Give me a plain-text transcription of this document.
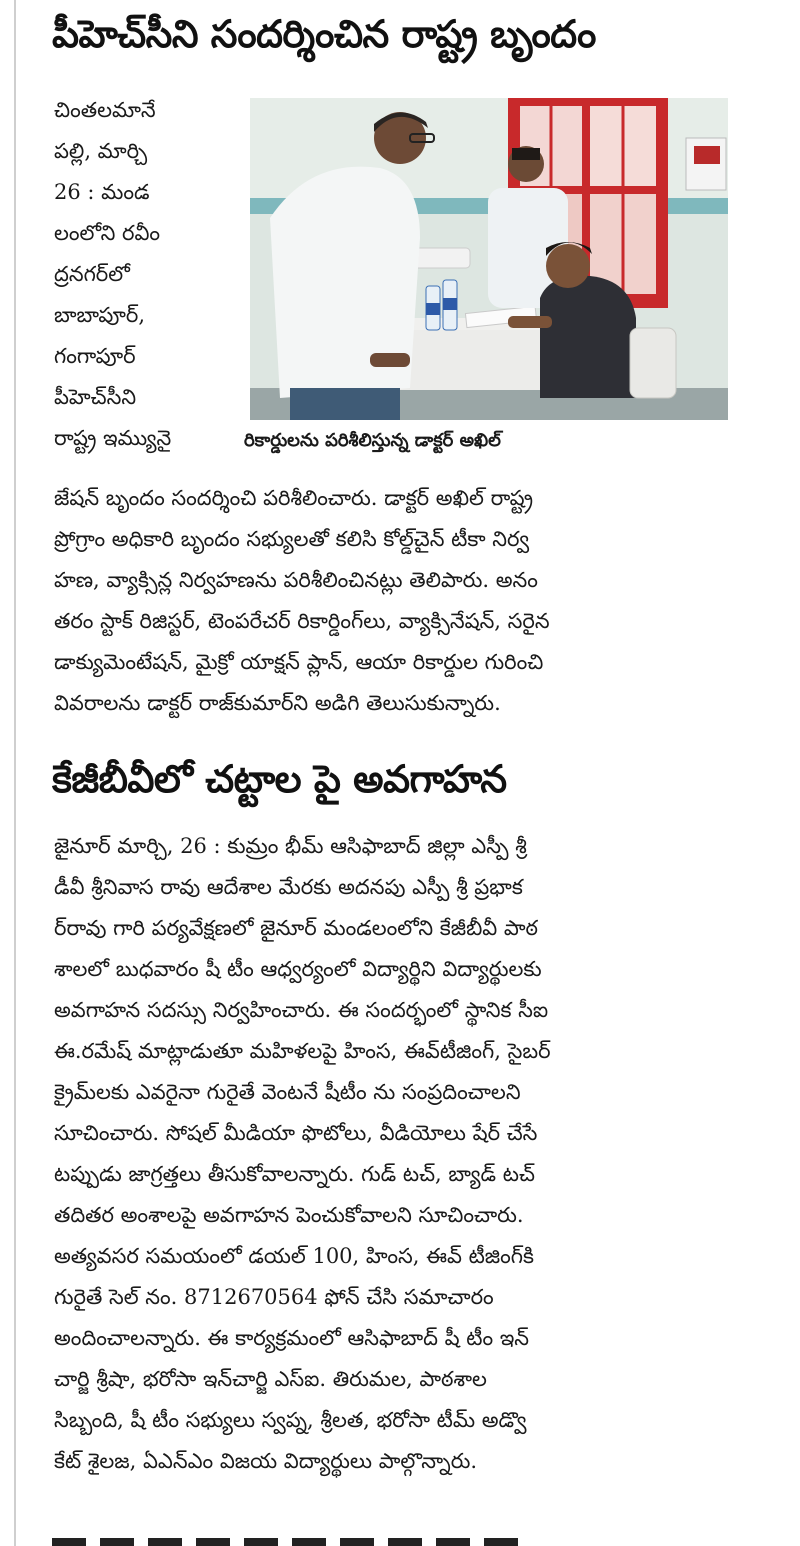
పీహెచ్‌సీని సందర్శించిన రాష్ట్ర బృందం

చింతలమానే
పల్లి, మార్చి
26 : మండ
లంలోని రవీం
ద్రనగర్‌లో
బాబాపూర్,
గంగాపూర్
పీహెచ్‌సీని
రాష్ట్ర ఇమ్యునై	రికార్డులను పరిశీలిస్తున్న డాక్టర్ అఖిల్

జేషన్ బృందం సందర్శించి పరిశీలించారు. డాక్టర్ అఖిల్ రాష్ట్ర
ప్రోగ్రాం అధికారి బృందం సభ్యులతో కలిసి కోల్డ్‌చైన్ టీకా నిర్వ
హణ, వ్యాక్సిన్ల నిర్వహణను పరిశీలించినట్లు తెలిపారు. అనం
తరం స్టాక్ రిజిస్టర్, టెంపరేచర్ రికార్డింగ్‌లు, వ్యాక్సినేషన్, సరైన
డాక్యుమెంటేషన్, మైక్రో యాక్షన్ ప్లాన్, ఆయా రికార్డుల గురించి
వివరాలను డాక్టర్ రాజ్‌కుమార్‌ని అడిగి తెలుసుకున్నారు.

కేజీబీవీలో చట్టాల పై అవగాహన

జైనూర్ మార్చి, 26 : కుమ్రం భీమ్ ఆసిఫాబాద్ జిల్లా ఎస్పీ శ్రీ
డీవీ శ్రీనివాస రావు ఆదేశాల మేరకు అదనపు ఎస్పీ శ్రీ ప్రభాక
ర్‌రావు గారి పర్యవేక్షణలో జైనూర్ మండలంలోని కేజీబీవీ పాఠ
శాలలో బుధవారం షీ టీం ఆధ్వర్యంలో విద్యార్థిని విద్యార్థులకు
అవగాహన సదస్సు నిర్వహించారు. ఈ సందర్భంలో స్థానిక సీఐ
ఈ.రమేష్ మాట్లాడుతూ మహిళలపై హింస, ఈవ్‌టీజింగ్, సైబర్
క్రైమ్‌లకు ఎవరైనా గురైతే వెంటనే షీటీం ను సంప్రదించాలని
సూచించారు. సోషల్ మీడియా ఫొటోలు, వీడియోలు షేర్ చేసే
టప్పుడు జాగ్రత్తలు తీసుకోవాలన్నారు. గుడ్ టచ్, బ్యాడ్ టచ్
తదితర అంశాలపై అవగాహన పెంచుకోవాలని సూచించారు.
అత్యవసర సమయంలో డయల్ 100, హింస, ఈవ్ టీజింగ్‌కి
గురైతే సెల్ నం. 8712670564 ఫోన్ చేసి సమాచారం
అందించాలన్నారు. ఈ కార్యక్రమంలో ఆసిఫాబాద్ షీ టీం ఇన్
చార్జి శ్రీషా, భరోసా ఇన్‌చార్జి ఎస్ఐ. తిరుమల, పాఠశాల
సిబ్బంది, షీ టీం సభ్యులు స్వప్న, శ్రీలత, భరోసా టీమ్ అడ్వొ
కేట్ శైలజ, ఏఎన్ఎం విజయ విద్యార్థులు పాల్గొన్నారు.
